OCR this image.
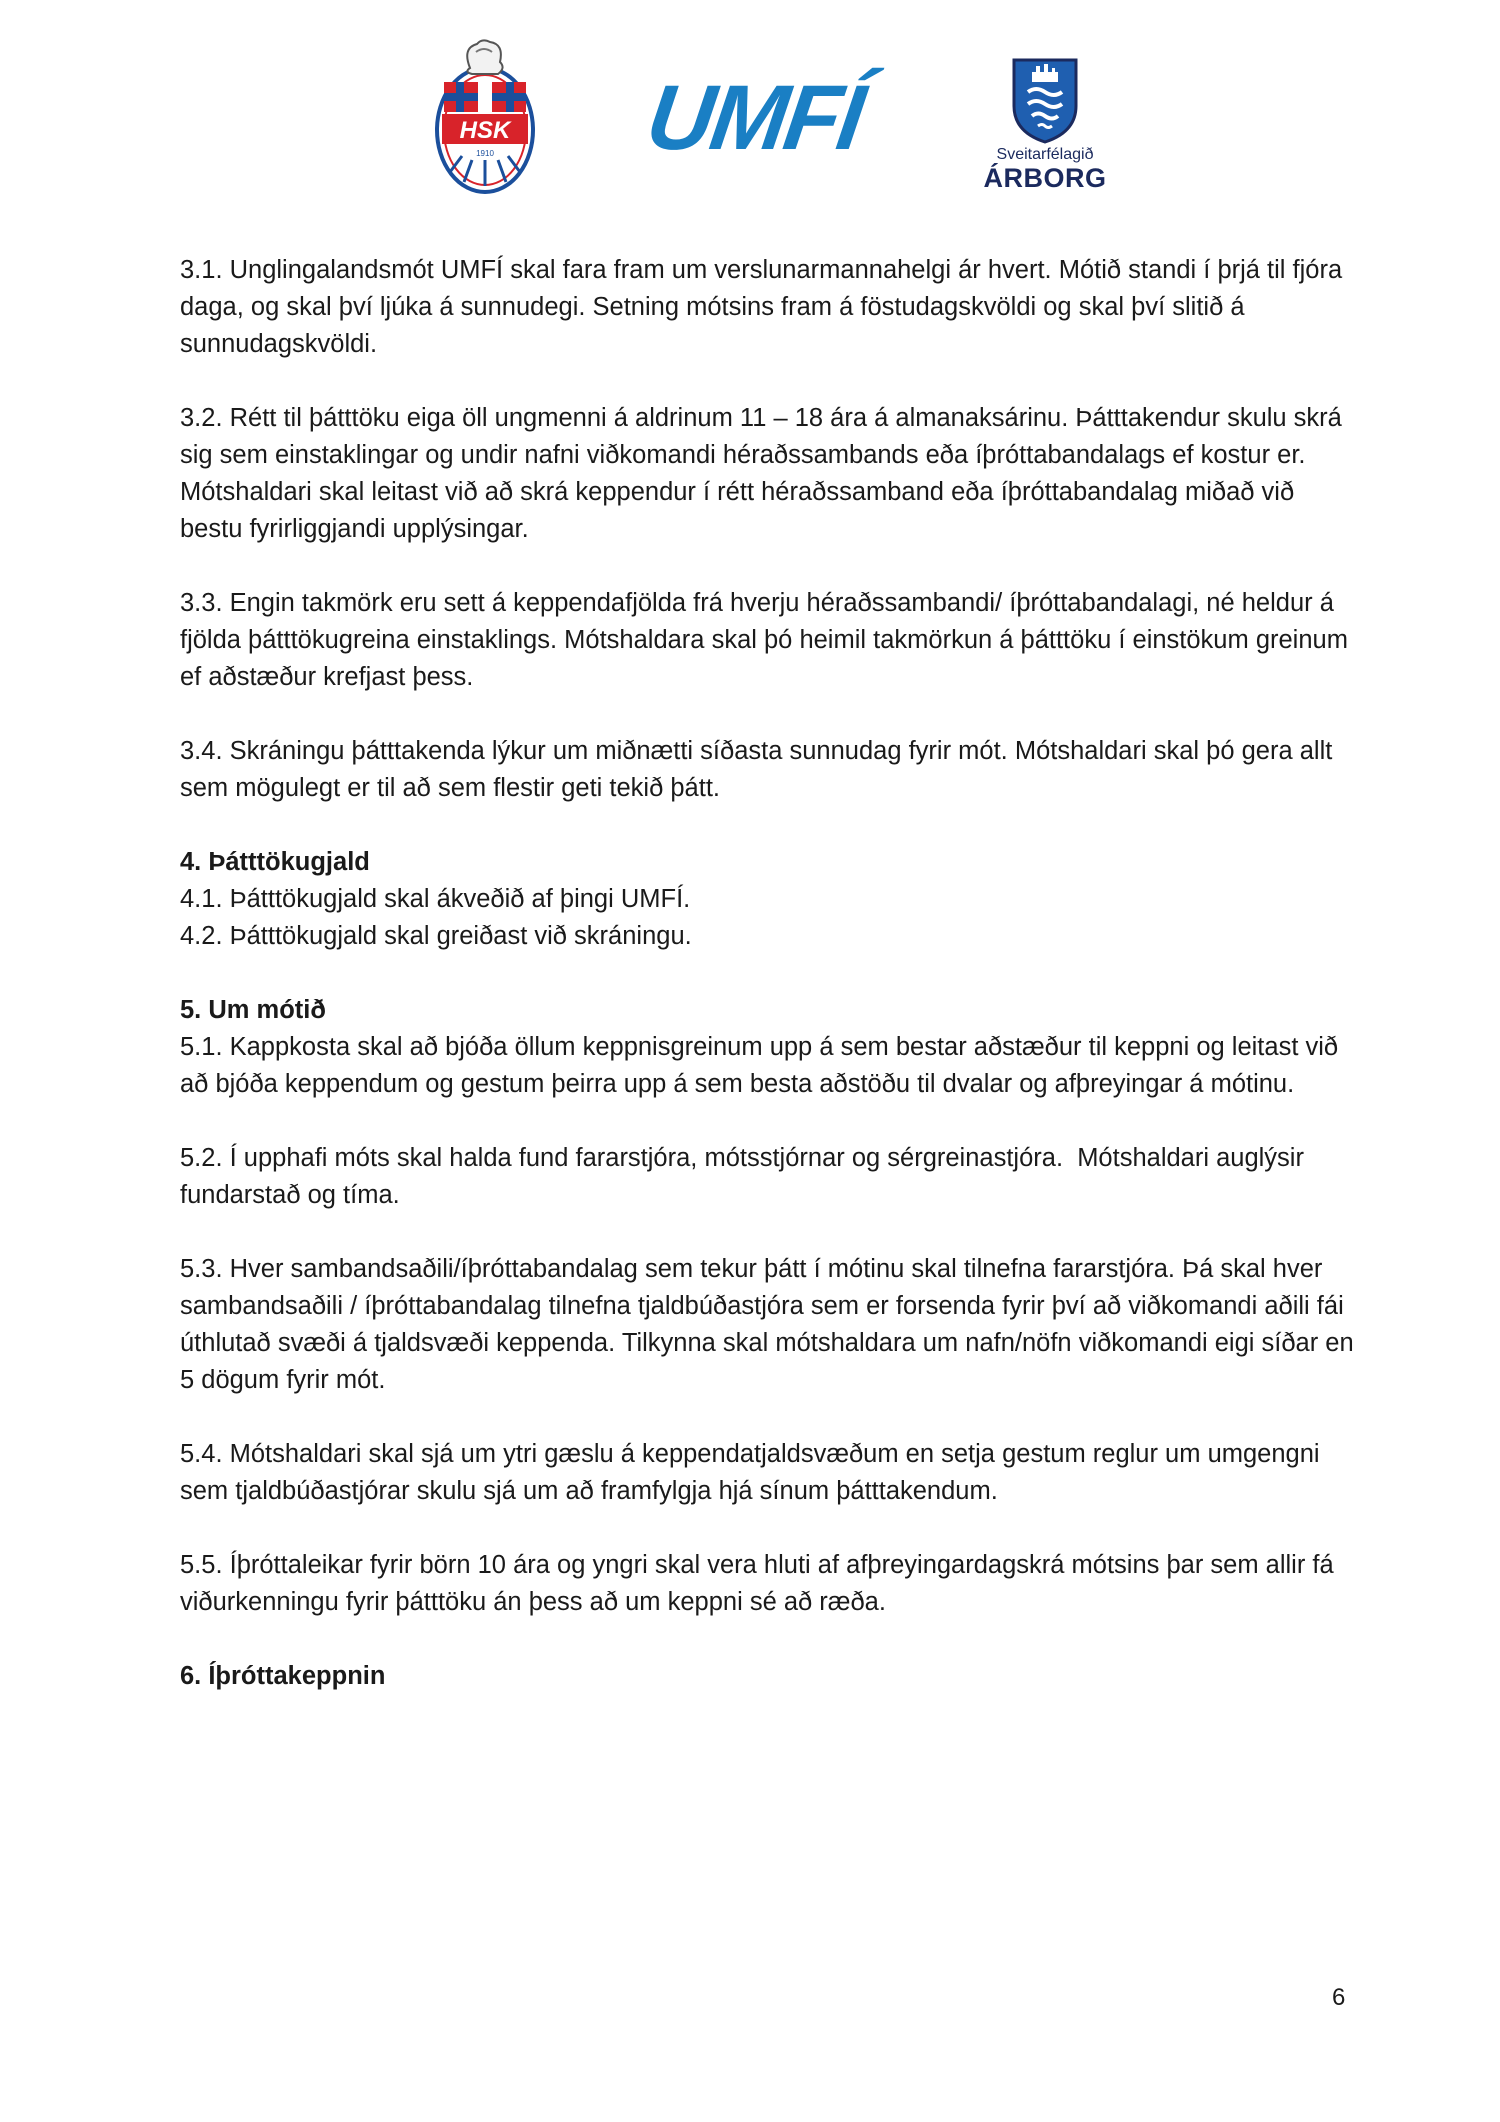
HSK
1910 UMFÍ	Sveitarfélagið
ÁRBORG

3.1. Unglingalandsmót UMFÍ skal fara fram um verslunarmannahelgi ár hvert. Mótið standi í þrjá til fjóra daga, og skal því ljúka á sunnudegi. Setning mótsins fram á föstudagskvöldi og skal því slitið á sunnudagskvöldi.

3.2. Rétt til þátttöku eiga öll ungmenni á aldrinum 11 – 18 ára á almanaksárinu. Þátttakendur skulu skrá sig sem einstaklingar og undir nafni viðkomandi héraðssambands eða íþróttabandalags ef kostur er. Mótshaldari skal leitast við að skrá keppendur í rétt héraðssamband eða íþróttabandalag miðað við bestu fyrirliggjandi upplýsingar.

3.3. Engin takmörk eru sett á keppendafjölda frá hverju héraðssambandi/ íþróttabandalagi, né heldur á fjölda þátttökugreina einstaklings. Mótshaldara skal þó heimil takmörkun á þátttöku í einstökum greinum ef aðstæður krefjast þess.

3.4. Skráningu þátttakenda lýkur um miðnætti síðasta sunnudag fyrir mót. Mótshaldari skal þó gera allt sem mögulegt er til að sem flestir geti tekið þátt.

4. Þátttökugjald

4.1. Þátttökugjald skal ákveðið af þingi UMFÍ.

4.2. Þátttökugjald skal greiðast við skráningu.

5. Um mótið

5.1. Kappkosta skal að bjóða öllum keppnisgreinum upp á sem bestar aðstæður til keppni og leitast við að bjóða keppendum og gestum þeirra upp á sem besta aðstöðu til dvalar og afþreyingar á mótinu.

5.2. Í upphafi móts skal halda fund fararstjóra, mótsstjórnar og sérgreinastjóra.  Mótshaldari auglýsir fundarstað og tíma.

5.3. Hver sambandsaðili/íþróttabandalag sem tekur þátt í mótinu skal tilnefna fararstjóra. Þá skal hver sambandsaðili / íþróttabandalag tilnefna tjaldbúðastjóra sem er forsenda fyrir því að viðkomandi aðili fái úthlutað svæði á tjaldsvæði keppenda. Tilkynna skal mótshaldara um nafn/nöfn viðkomandi eigi síðar en 5 dögum fyrir mót.

5.4. Mótshaldari skal sjá um ytri gæslu á keppendatjaldsvæðum en setja gestum reglur um umgengni sem tjaldbúðastjórar skulu sjá um að framfylgja hjá sínum þátttakendum.

5.5. Íþróttaleikar fyrir börn 10 ára og yngri skal vera hluti af afþreyingardagskrá mótsins þar sem allir fá viðurkenningu fyrir þátttöku án þess að um keppni sé að ræða.

6. Íþróttakeppnin

6
